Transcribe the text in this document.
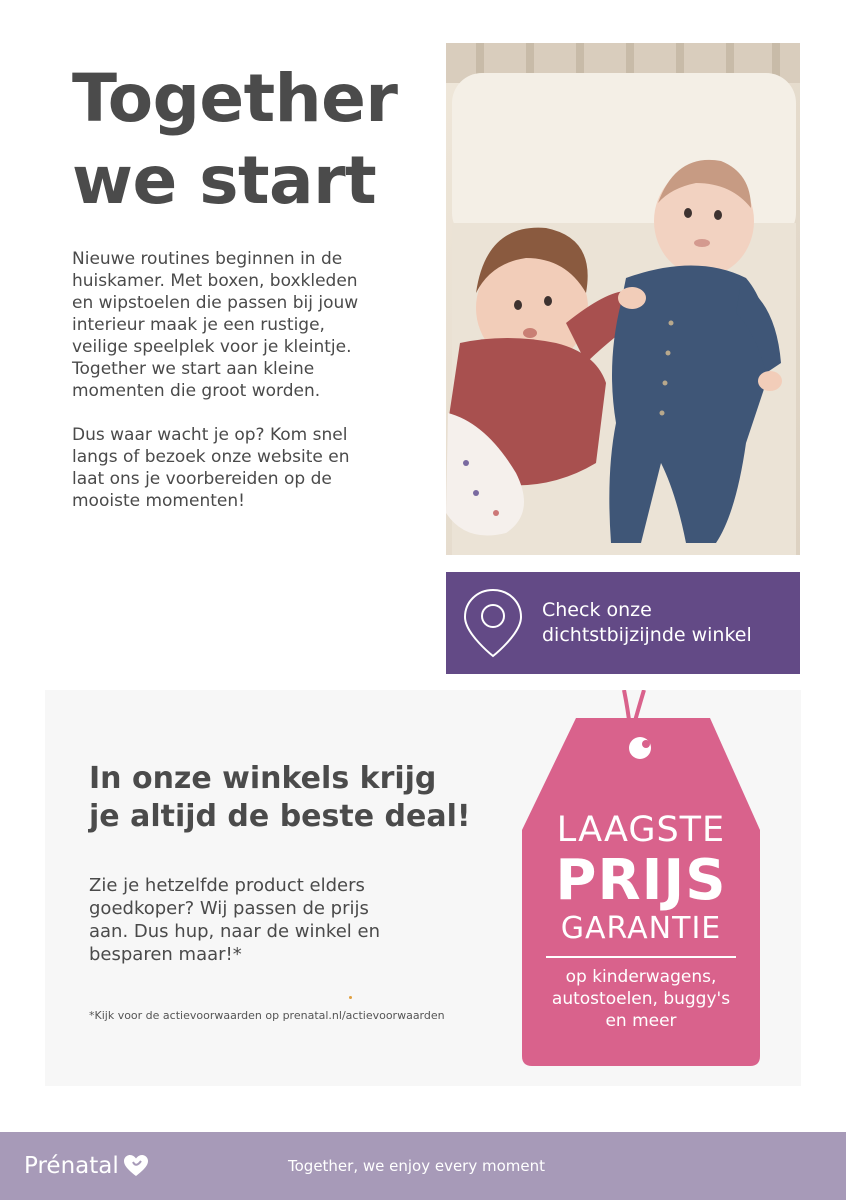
Together
we start

Nieuwe routines beginnen in de
huiskamer. Met boxen, boxkleden
en wipstoelen die passen bij jouw
interieur maak je een rustige,
veilige speelplek voor je kleintje.
Together we start aan kleine
momenten die groot worden.

Dus waar wacht je op? Kom snel
langs of bezoek onze website en
laat ons je voorbereiden op de
mooiste momenten!

Check onze
dichtstbijzijnde winkel
In onze winkels krijg
je altijd de beste deal!

Zie je hetzelfde product elders
goedkoper? Wij passen de prijs
aan. Dus hup, naar de winkel en
besparen maar!*

*Kijk voor de actievoorwaarden op prenatal.nl/actievoorwaarden

LAAGSTE
PRIJS
GARANTIE
op kinderwagens,
autostoelen, buggy's
en meer
Prénatal	Together, we enjoy every moment
